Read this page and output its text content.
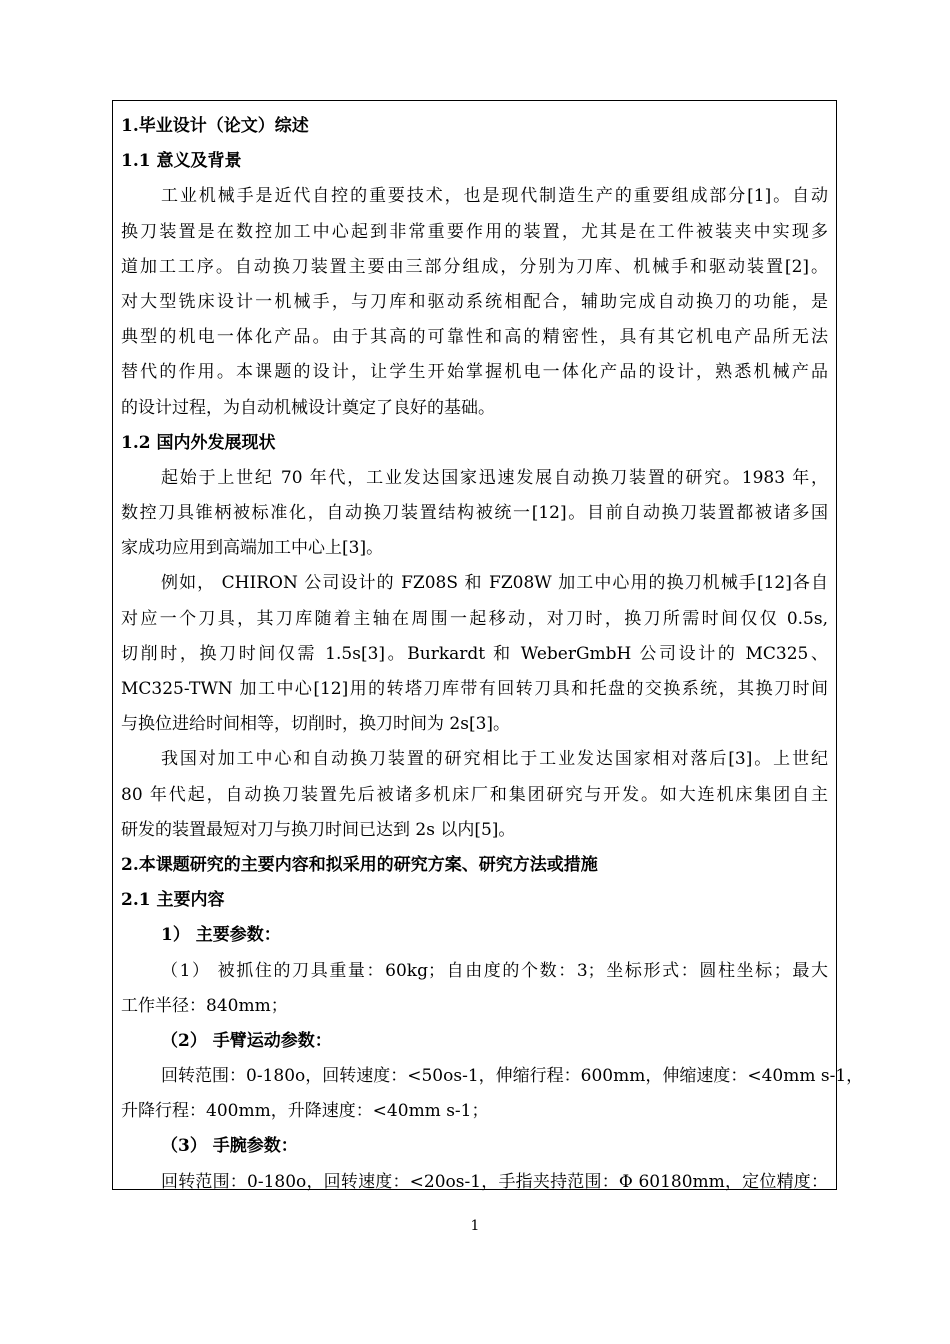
1.毕业设计（论文）综述
1.1 意义及背景
工业机械手是近代自控的重要技术，也是现代制造生产的重要组成部分[1]。自动
换刀装置是在数控加工中心起到非常重要作用的装置，尤其是在工件被装夹中实现多
道加工工序。自动换刀装置主要由三部分组成，分别为刀库、机械手和驱动装置[2]。
对大型铣床设计一机械手，与刀库和驱动系统相配合，辅助完成自动换刀的功能，是
典型的机电一体化产品。由于其高的可靠性和高的精密性，具有其它机电产品所无法
替代的作用。本课题的设计，让学生开始掌握机电一体化产品的设计，熟悉机械产品
的设计过程，为自动机械设计奠定了良好的基础。
1.2 国内外发展现状
起始于上世纪 70 年代，工业发达国家迅速发展自动换刀装置的研究。1983 年，
数控刀具锥柄被标准化，自动换刀装置结构被统一[12]。目前自动换刀装置都被诸多国
家成功应用到高端加工中心上[3]。
例如， CHIRON 公司设计的 FZ08S 和 FZ08W 加工中心用的换刀机械手[12]各自
对应一个刀具，其刀库随着主轴在周围一起移动，对刀时，换刀所需时间仅仅 0.5s,
切削时，换刀时间仅需 1.5s[3]。Burkardt 和 WeberGmbH 公司设计的 MC325、
MC325-TWN 加工中心[12]用的转塔刀库带有回转刀具和托盘的交换系统，其换刀时间
与换位进给时间相等，切削时，换刀时间为 2s[3]。
我国对加工中心和自动换刀装置的研究相比于工业发达国家相对落后[3]。上世纪
80 年代起，自动换刀装置先后被诸多机床厂和集团研究与开发。如大连机床集团自主
研发的装置最短对刀与换刀时间已达到 2s 以内[5]。
2.本课题研究的主要内容和拟采用的研究方案、研究方法或措施
2.1 主要内容
1） 主要参数：
（1） 被抓住的刀具重量：60kg；自由度的个数：3；坐标形式：圆柱坐标；最大
工作半径：840mm；
（2） 手臂运动参数：
回转范围：0-180o，回转速度：<50os-1，伸缩行程：600mm，伸缩速度：<40mm s-1，
升降行程：400mm，升降速度：<40mm s-1；
（3） 手腕参数：
回转范围：0-180o，回转速度：<20os-1，手指夹持范围：Φ 60180mm，定位精度：
1
